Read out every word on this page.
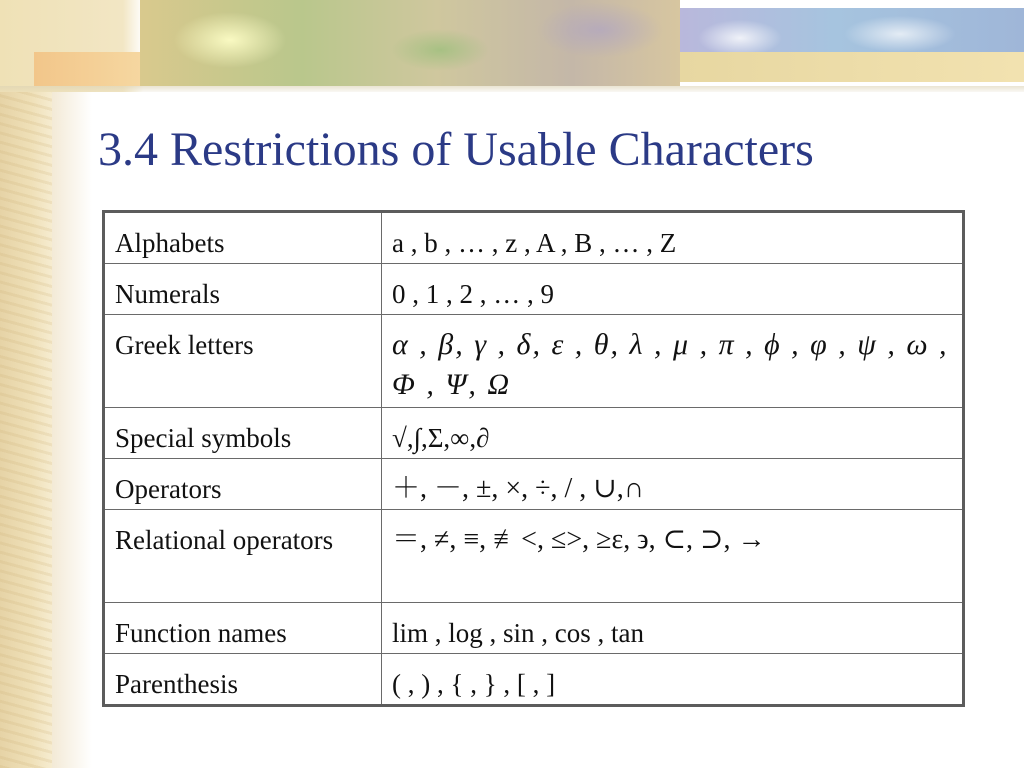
3.4 Restrictions of Usable Characters
Alphabets	a , b , … , z , A , B , … , Z
Numerals	0 , 1 , 2 , … , 9
Greek letters	α , β, γ , δ, ε , θ, λ , μ , π , ϕ , φ , ψ , ω , Φ , Ψ, Ω
Special symbols	√,∫,Σ,∞,∂
Operators	＋, －, ±, ×, ÷, / , ∪,∩
Relational operators	＝, ≠, ≡, ≢<, ≤>, ≥ε, ϶, ⊂, ⊃, →
Function names	lim , log , sin , cos , tan
Parenthesis	( , ) , { , } , [ , ]
